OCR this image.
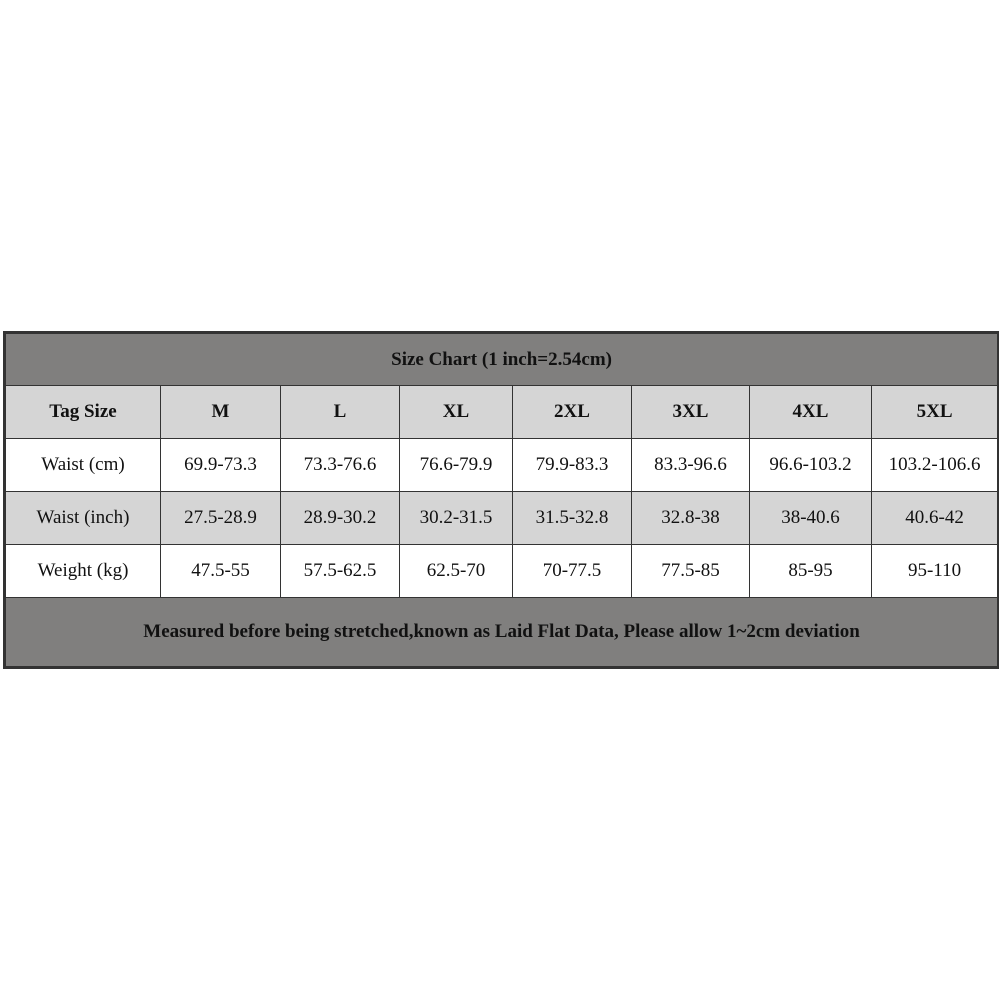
Size Chart (1 inch=2.54cm)							
Tag Size	M	L	XL	2XL	3XL	4XL	5XL
Waist (cm)	69.9-73.3	73.3-76.6	76.6-79.9	79.9-83.3	83.3-96.6	96.6-103.2	103.2-106.6
Waist (inch)	27.5-28.9	28.9-30.2	30.2-31.5	31.5-32.8	32.8-38	38-40.6	40.6-42
Weight (kg)	47.5-55	57.5-62.5	62.5-70	70-77.5	77.5-85	85-95	95-110
Measured before being stretched,known as Laid Flat Data, Please allow 1~2cm deviation							
